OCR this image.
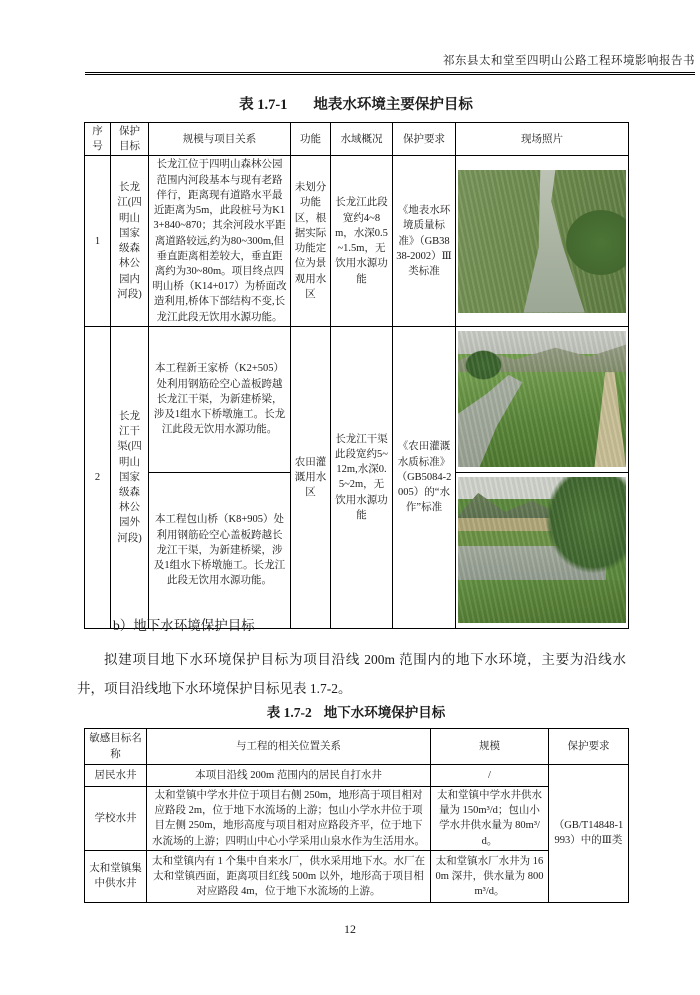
祁东县太和堂至四明山公路工程环境影响报告书
表 1.7-1 地表水环境主要保护目标
序号	保护目标	规模与项目关系	功能	水域概况	保护要求	现场照片
1	长龙江(四明山国家级森林公园内河段)	长龙江位于四明山森林公园范围内河段基本与现有老路伴行，距离现有道路水平最近距离为5m，此段桩号为K13+840~870；其余河段水平距离道路较远,约为80~300m,但垂直距离相差较大，垂直距离约为30~80m。项目终点四明山桥（K14+017）为桥面改造利用,桥体下部结构不变,长龙江此段无饮用水源功能。	未划分功能区，根据实际功能定位为景观用水区	长龙江此段宽约4~8m，水深0.5~1.5m，无饮用水源功能	《地表水环境质量标准》（GB3838-2002）Ⅲ类标准	

2	长龙江干渠(四明山国家级森林公园外河段)	本工程新王家桥（K2+505）处利用钢筋砼空心盖板跨越长龙江干渠，为新建桥梁，涉及1组水下桥墩施工。长龙江此段无饮用水源功能。	农田灌溉用水区	长龙江干渠此段宽约5~12m,水深0.5~2m，无饮用水源功能	《农田灌溉水质标准》（GB5084-2005）的“水作”标准	

		本工程包山桥（K8+905）处利用钢筋砼空心盖板跨越长龙江干渠，为新建桥梁，涉及1组水下桥墩施工。长龙江此段无饮用水源功能。				

b）地下水环境保护目标

拟建项目地下水环境保护目标为项目沿线 200m 范围内的地下水环境，主要为沿线水井，项目沿线地下水环境保护目标见表 1.7-2。

表 1.7-2 地下水环境保护目标
敏感目标名称	与工程的相关位置关系	规模	保护要求
居民水井	本项目沿线 200m 范围内的居民自打水井	/	（GB/T14848-1993）中的Ⅲ类
学校水井	太和堂镇中学水井位于项目右侧 250m，地形高于项目相对应路段 2m，位于地下水流场的上游；包山小学水井位于项目左侧 250m，地形高度与项目相对应路段齐平，位于地下水流场的上游；四明山中心小学采用山泉水作为生活用水。	太和堂镇中学水井供水量为 150m³/d；包山小学水井供水量为 80m³/d。	
太和堂镇集中供水井	太和堂镇内有 1 个集中自来水厂，供水采用地下水。水厂在太和堂镇西面，距离项目红线 500m 以外，地形高于项目相对应路段 4m，位于地下水流场的上游。	太和堂镇水厂水井为 160m 深井，供水量为 800m³/d。	
12
